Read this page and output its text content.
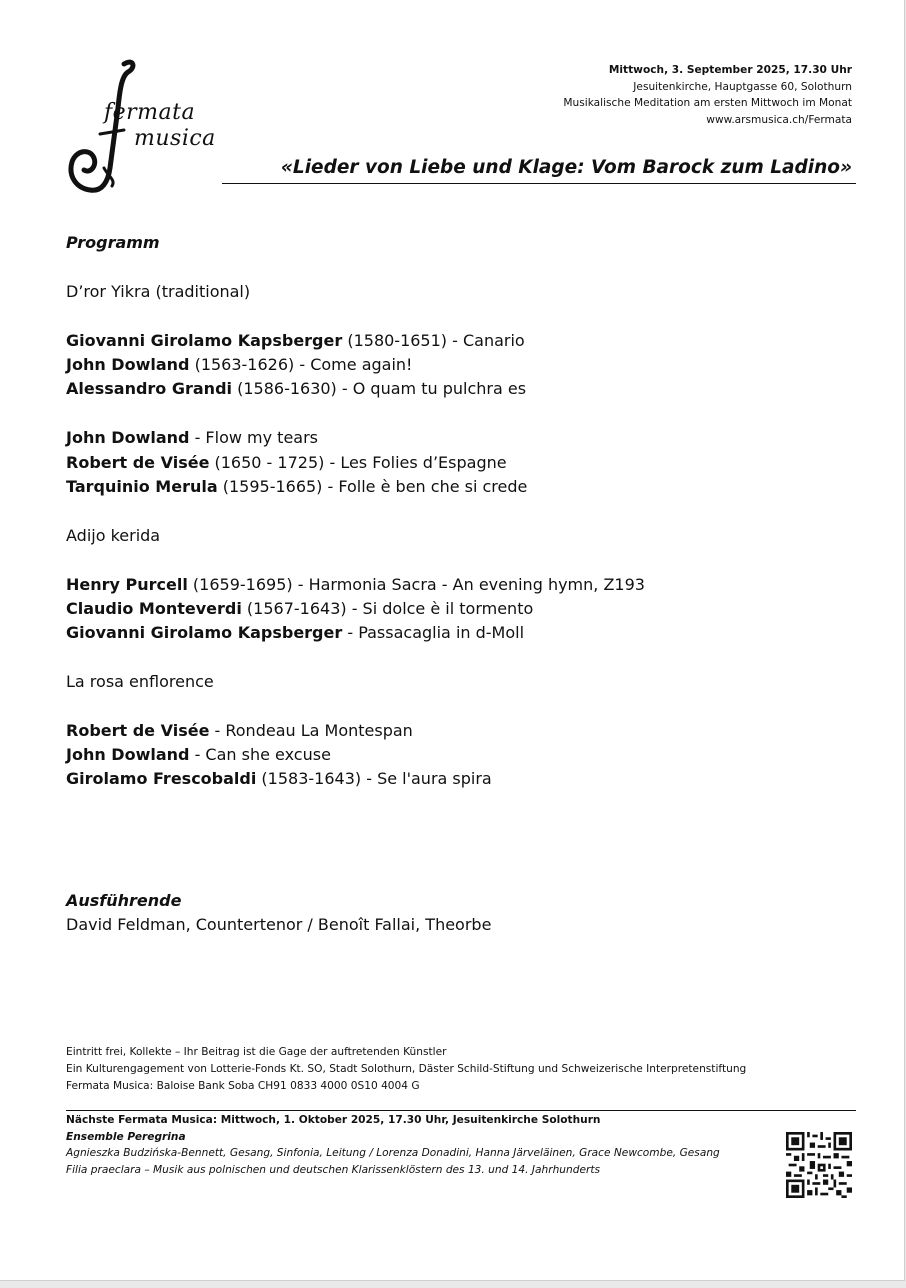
fermata
musica
Mittwoch, 3. September 2025, 17.30 Uhr
Jesuitenkirche, Hauptgasse 60, Solothurn
Musikalische Meditation am ersten Mittwoch im Monat
www.arsmusica.ch/Fermata
«Lieder von Liebe und Klage: Vom Barock zum Ladino»
Programm
D’ror Yikra (traditional)
Giovanni Girolamo Kapsberger (1580-1651) - Canario
John Dowland (1563-1626) - Come again!
Alessandro Grandi (1586-1630) - O quam tu pulchra es
John Dowland - Flow my tears
Robert de Visée (1650 - 1725) - Les Folies d’Espagne
Tarquinio Merula (1595-1665) - Folle è ben che si crede
Adijo kerida
Henry Purcell (1659-1695) - Harmonia Sacra - An evening hymn, Z193
Claudio Monteverdi (1567-1643) - Si dolce è il tormento
Giovanni Girolamo Kapsberger - Passacaglia in d-Moll
La rosa enflorence
Robert de Visée - Rondeau La Montespan
John Dowland - Can she excuse
Girolamo Frescobaldi (1583-1643) - Se l'aura spira
Ausführende
David Feldman, Countertenor / Benoît Fallai, Theorbe
Eintritt frei, Kollekte – Ihr Beitrag ist die Gage der auftretenden Künstler
Ein Kulturengagement von Lotterie-Fonds Kt. SO, Stadt Solothurn, Däster Schild-Stiftung und Schweizerische Interpretenstiftung
Fermata Musica: Baloise Bank Soba CH91 0833 4000 0S10 4004 G
Nächste Fermata Musica: Mittwoch, 1. Oktober 2025, 17.30 Uhr, Jesuitenkirche Solothurn
Ensemble Peregrina
Agnieszka Budzińska-Bennett, Gesang, Sinfonia, Leitung / Lorenza Donadini, Hanna Järveläinen, Grace Newcombe, Gesang
Filia praeclara – Musik aus polnischen und deutschen Klarissenklöstern des 13. und 14. Jahrhunderts
